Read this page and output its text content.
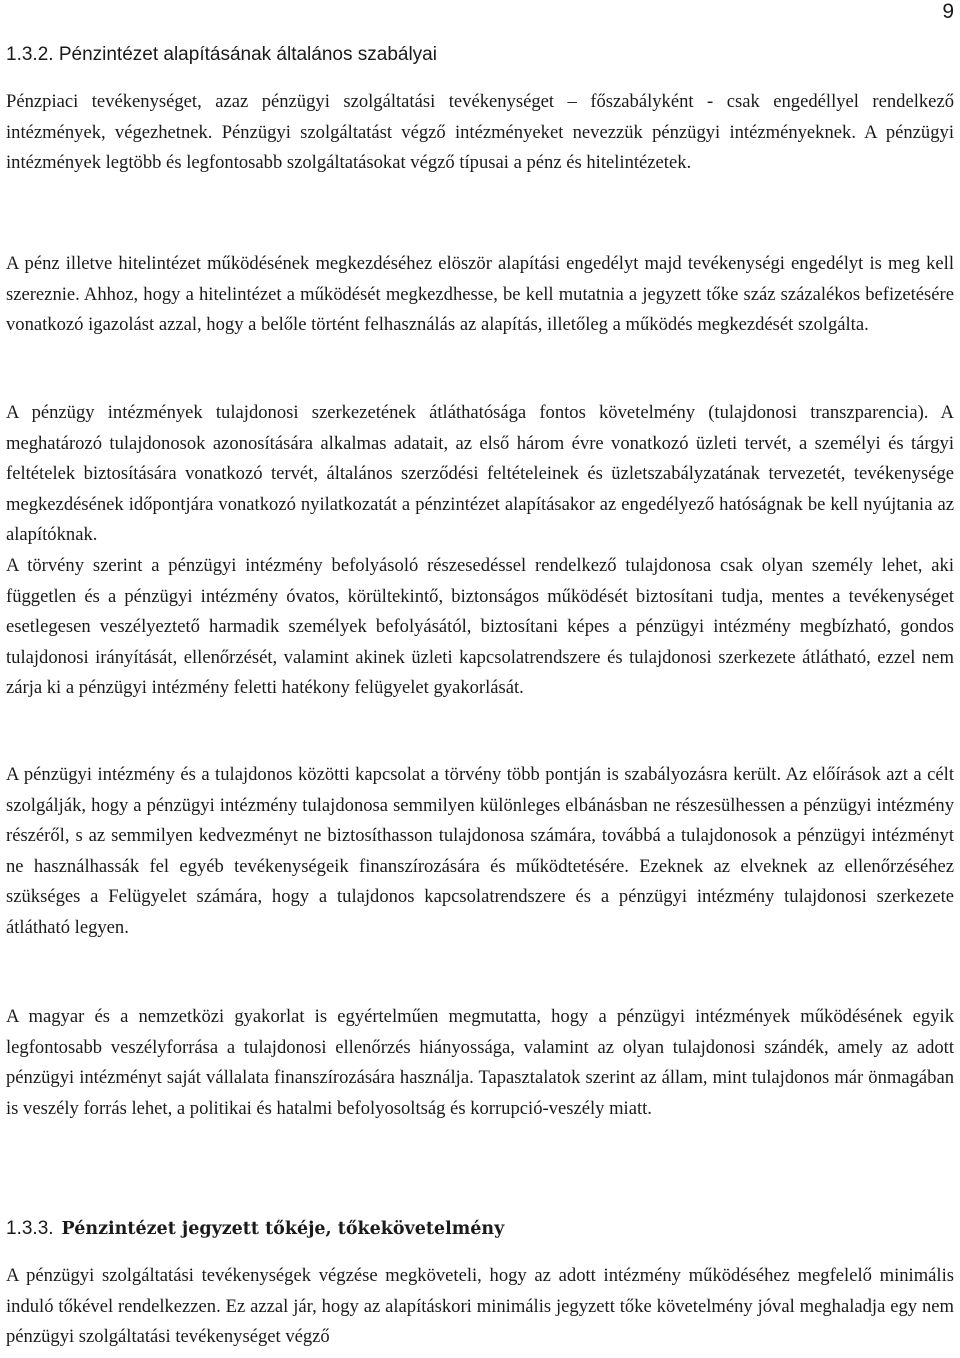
9
1.3.2. Pénzintézet alapításának általános szabályai

Pénzpiaci tevékenységet, azaz pénzügyi szolgáltatási tevékenységet – főszabályként - csak engedéllyel rendelkező intézmények, végezhetnek. Pénzügyi szolgáltatást végző intézményeket nevezzük pénzügyi intézményeknek. A pénzügyi intézmények legtöbb és legfontosabb szolgáltatásokat végző típusai a pénz és hitelintézetek.

A pénz illetve hitelintézet működésének megkezdéséhez elöször alapítási engedélyt majd tevékenységi engedélyt is meg kell szereznie. Ahhoz, hogy a hitelintézet a működését megkezdhesse, be kell mutatnia a jegyzett tőke száz százalékos befizetésére vonatkozó igazolást azzal, hogy a belőle történt felhasználás az alapítás, illetőleg a működés megkezdését szolgálta.

A pénzügy intézmények tulajdonosi szerkezetének átláthatósága fontos követelmény (tulajdonosi transzparencia). A meghatározó tulajdonosok azonosítására alkalmas adatait, az első három évre vonatkozó üzleti tervét, a személyi és tárgyi feltételek biztosítására vonatkozó tervét, általános szerződési feltételeinek és üzletszabályzatának tervezetét, tevékenysége megkezdésének időpontjára vonatkozó nyilatkozatát a pénzintézet alapításakor az engedélyező hatóságnak be kell nyújtania az alapítóknak.

A törvény szerint a pénzügyi intézmény befolyásoló részesedéssel rendelkező tulajdonosa csak olyan személy lehet, aki független és a pénzügyi intézmény óvatos, körültekintő, biztonságos működését biztosítani tudja, mentes a tevékenységet esetlegesen veszélyeztető harmadik személyek befolyásától, biztosítani képes a pénzügyi intézmény megbízható, gondos tulajdonosi irányítását, ellenőrzését, valamint akinek üzleti kapcsolatrendszere és tulajdonosi szerkezete átlátható, ezzel nem zárja ki a pénzügyi intézmény feletti hatékony felügyelet gyakorlását.

A pénzügyi intézmény és a tulajdonos közötti kapcsolat a törvény több pontján is szabályozásra került. Az előírások azt a célt szolgálják, hogy a pénzügyi intézmény tulajdonosa semmilyen különleges elbánásban ne részesülhessen a pénzügyi intézmény részéről, s az semmilyen kedvezményt ne biztosíthasson tulajdonosa számára, továbbá a tulajdonosok a pénzügyi intézményt ne használhassák fel egyéb tevékenységeik finanszírozására és működtetésére. Ezeknek az elveknek az ellenőrzéséhez szükséges a Felügyelet számára, hogy a tulajdonos kapcsolatrendszere és a pénzügyi intézmény tulajdonosi szerkezete átlátható legyen.

A magyar és a nemzetközi gyakorlat is egyértelműen megmutatta, hogy a pénzügyi intézmények működésének egyik legfontosabb veszélyforrása a tulajdonosi ellenőrzés hiányossága, valamint az olyan tulajdonosi szándék, amely az adott pénzügyi intézményt saját vállalata finanszírozására használja. Tapasztalatok szerint az állam, mint tulajdonos már önmagában is veszély forrás lehet, a politikai és hatalmi befolyosoltság és korrupció-veszély miatt.

1.3.3. Pénzintézet jegyzett tőkéje, tőkekövetelmény

A pénzügyi szolgáltatási tevékenységek végzése megköveteli, hogy az adott intézmény működéséhez megfelelő minimális induló tőkével rendelkezzen. Ez azzal jár, hogy az alapításkori minimális jegyzett tőke követelmény jóval meghaladja egy nem pénzügyi szolgáltatási tevékenységet végző
